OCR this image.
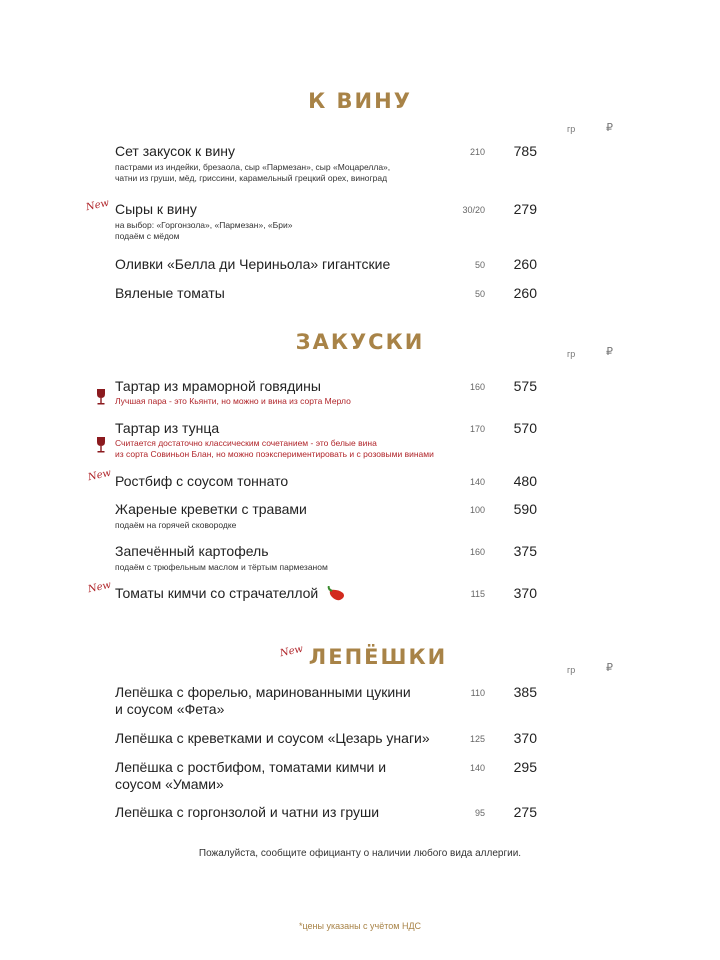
К ВИНУ
гр	₽
Сет закусок к вину
пастрами из индейки, брезаола, сыр «Пармезан», сыр «Моцарелла»,
чатни из груши, мёд, гриссини, карамельный грецкий орех, виноград
210	785
New Сыры к вину
на выбор: «Горгонзола», «Пармезан», «Бри»
подаём с мёдом
30/20	279
Оливки «Белла ди Чериньола» гигантские	50	260
Вяленые томаты	50	260
ЗАКУСКИ	гр	₽
Тартар из мраморной говядины
Лучшая пара - это Кьянти, но можно и вина из сорта Мерло
160	575
Тартар из тунца
Считается достаточно классическим сочетанием - это белые вина
из сорта Совиньон Блан, но можно поэкспериментировать и с розовыми винами
170	570
New Ростбиф с соусом тоннато	140	480
Жареные креветки с травами
подаём на горячей сковородке
100	590
Запечённый картофель
подаём с трюфельным маслом и тёртым пармезаном
160	375
New Томаты кимчи со страчателлой	115	370
New ЛЕПЁШКИ
гр	₽
Лепёшка с форелью, маринованными цукини
и соусом «Фета»
110	385
Лепёшка с креветками и соусом «Цезарь унаги»	125	370
Лепёшка с ростбифом, томатами кимчи и
соусом «Умами»
140	295
Лепёшка с горгонзолой и чатни из груши	95	275
Пожалуйста, сообщите официанту о наличии любого вида аллергии.
*цены указаны с учётом НДС
